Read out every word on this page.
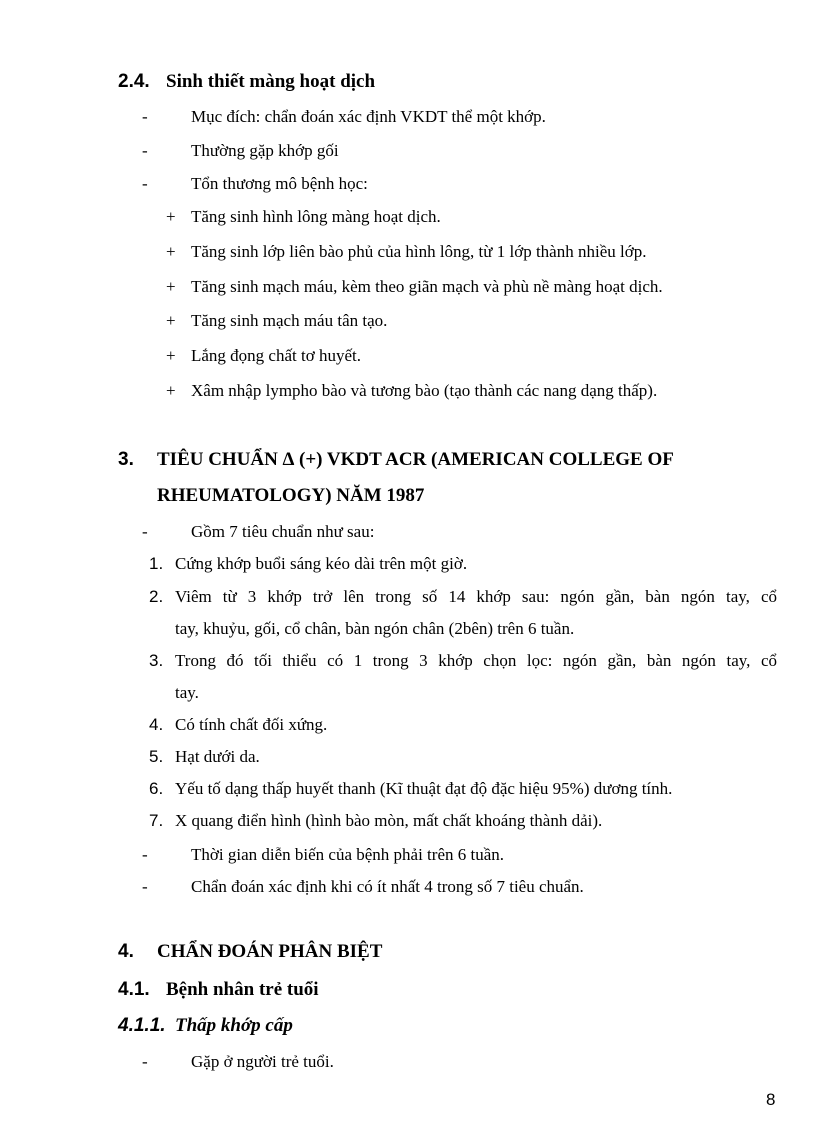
2.4. Sinh thiết màng hoạt dịch
-	Mục đích: chẩn đoán xác định VKDT thể một khớp.
-	Thường gặp khớp gối
-	Tổn thương mô bệnh học:
+ Tăng sinh hình lông màng hoạt dịch.
+ Tăng sinh lớp liên bào phủ của hình lông, từ 1 lớp thành nhiều lớp.
+ Tăng sinh mạch máu, kèm theo giãn mạch và phù nề màng hoạt dịch.
+ Tăng sinh mạch máu tân tạo.
+ Lắng đọng chất tơ huyết.
+ Xâm nhập lympho bào và tương bào (tạo thành các nang dạng thấp).
3. TIÊU CHUẨN ∆ (+) VKDT ACR (AMERICAN COLLEGE OF
RHEUMATOLOGY) NĂM 1987
-	Gồm 7 tiêu chuẩn như sau:
1. Cứng khớp buổi sáng kéo dài trên một giờ.
2. Viêm từ 3 khớp trở lên trong số 14 khớp sau: ngón gần, bàn ngón tay, cổ
tay, khuỷu, gối, cổ chân, bàn ngón chân (2bên) trên 6 tuần.
3. Trong đó tối thiểu có 1 trong 3 khớp chọn lọc: ngón gần, bàn ngón tay, cổ
tay.
4. Có tính chất đối xứng.
5. Hạt dưới da.
6. Yếu tố dạng thấp huyết thanh (Kĩ thuật đạt độ đặc hiệu 95%) dương tính.
7. X quang điển hình (hình bào mòn, mất chất khoáng thành dải).
-	Thời gian diễn biến của bệnh phải trên 6 tuần.
-	Chẩn đoán xác định khi có ít nhất 4 trong số 7 tiêu chuẩn.
4. CHẨN ĐOÁN PHÂN BIỆT
4.1. Bệnh nhân trẻ tuổi
4.1.1. Thấp khớp cấp
-	Gặp ở người trẻ tuổi.
8
